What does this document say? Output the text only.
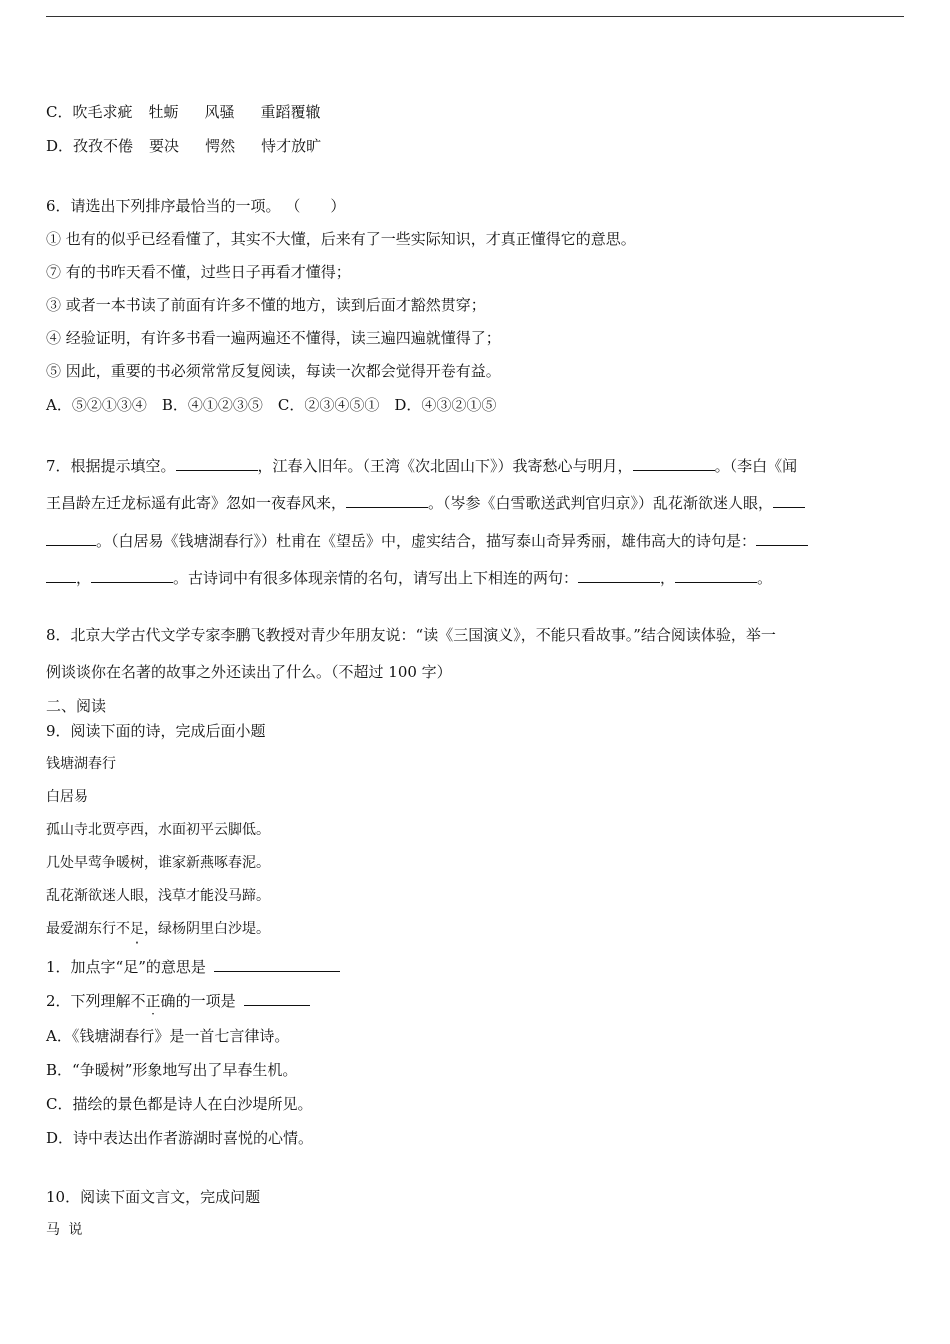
C．吹毛求疵 牡蛎 风骚 重蹈覆辙
D．孜孜不倦 要决 愕然 恃才放旷
6．请选出下列排序最恰当的一项。 （　　）
① 也有的似乎已经看懂了，其实不大懂，后来有了一些实际知识，才真正懂得它的意思。
⑦ 有的书昨天看不懂，过些日子再看才懂得；
③ 或者一本书读了前面有许多不懂的地方，读到后面才豁然贯穿；
④ 经验证明，有许多书看一遍两遍还不懂得，读三遍四遍就懂得了；
⑤ 因此，重要的书必须常常反复阅读，每读一次都会觉得开卷有益。
A．⑤②①③④　B．④①②③⑤　C．②③④⑤①　D．④③②①⑤
7．根据提示填空。	，江春入旧年。（王湾《次北固山下》）我寄愁心与明月，	。（李白《闻
王昌龄左迁龙标遥有此寄》忽如一夜春风来，	。（岑参《白雪歌送武判官归京》）乱花渐欲迷人眼，
。（白居易《钱塘湖春行》）杜甫在《望岳》中，虚实结合，描写泰山奇异秀丽，雄伟高大的诗句是：
，	。古诗词中有很多体现亲情的名句，请写出上下相连的两句：	，	。
8．北京大学古代文学专家李鹏飞教授对青少年朋友说：“读《三国演义》，不能只看故事。”结合阅读体验，举一
例谈谈你在名著的故事之外还读出了什么。（不超过 100 字）
二、阅读
9．阅读下面的诗，完成后面小题
钱塘湖春行
白居易
孤山寺北贾亭西，水面初平云脚低。
几处早莺争暖树，谁家新燕啄春泥。
乱花渐欲迷人眼，浅草才能没马蹄。
最爱湖东行不足，绿杨阴里白沙堤。
1．加点字“足”的意思是
2．下列理解不正确的一项是
A．《钱塘湖春行》是一首七言律诗。
B．“争暖树”形象地写出了早春生机。
C．描绘的景色都是诗人在白沙堤所见。
D．诗中表达出作者游湖时喜悦的心情。
10．阅读下面文言文，完成问题
马 说
